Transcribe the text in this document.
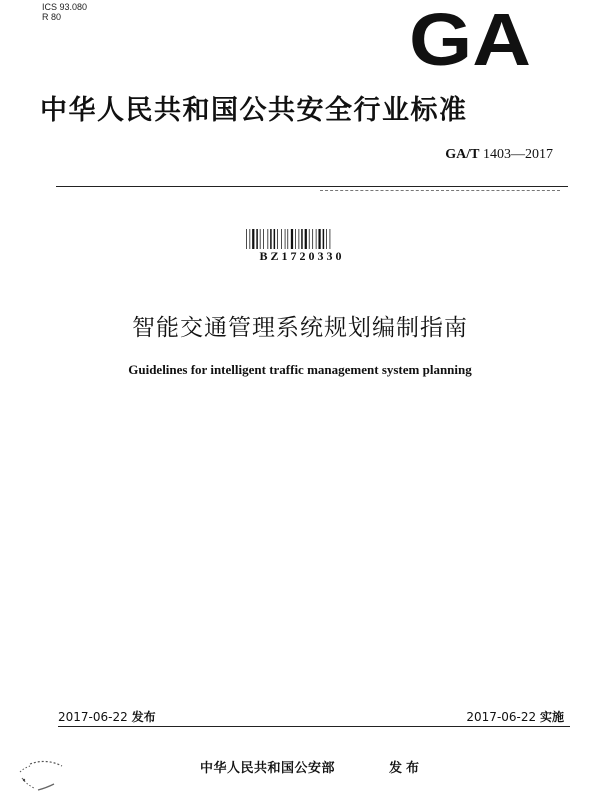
ICS 93.080
R 80	GA
中华人民共和国公共安全行业标准
GA/T 1403—2017
BZ1720330
智能交通管理系统规划编制指南
Guidelines for intelligent traffic management system planning
2017-06-22 发布	2017-06-22 实施
中华人民共和国公安部	发布
